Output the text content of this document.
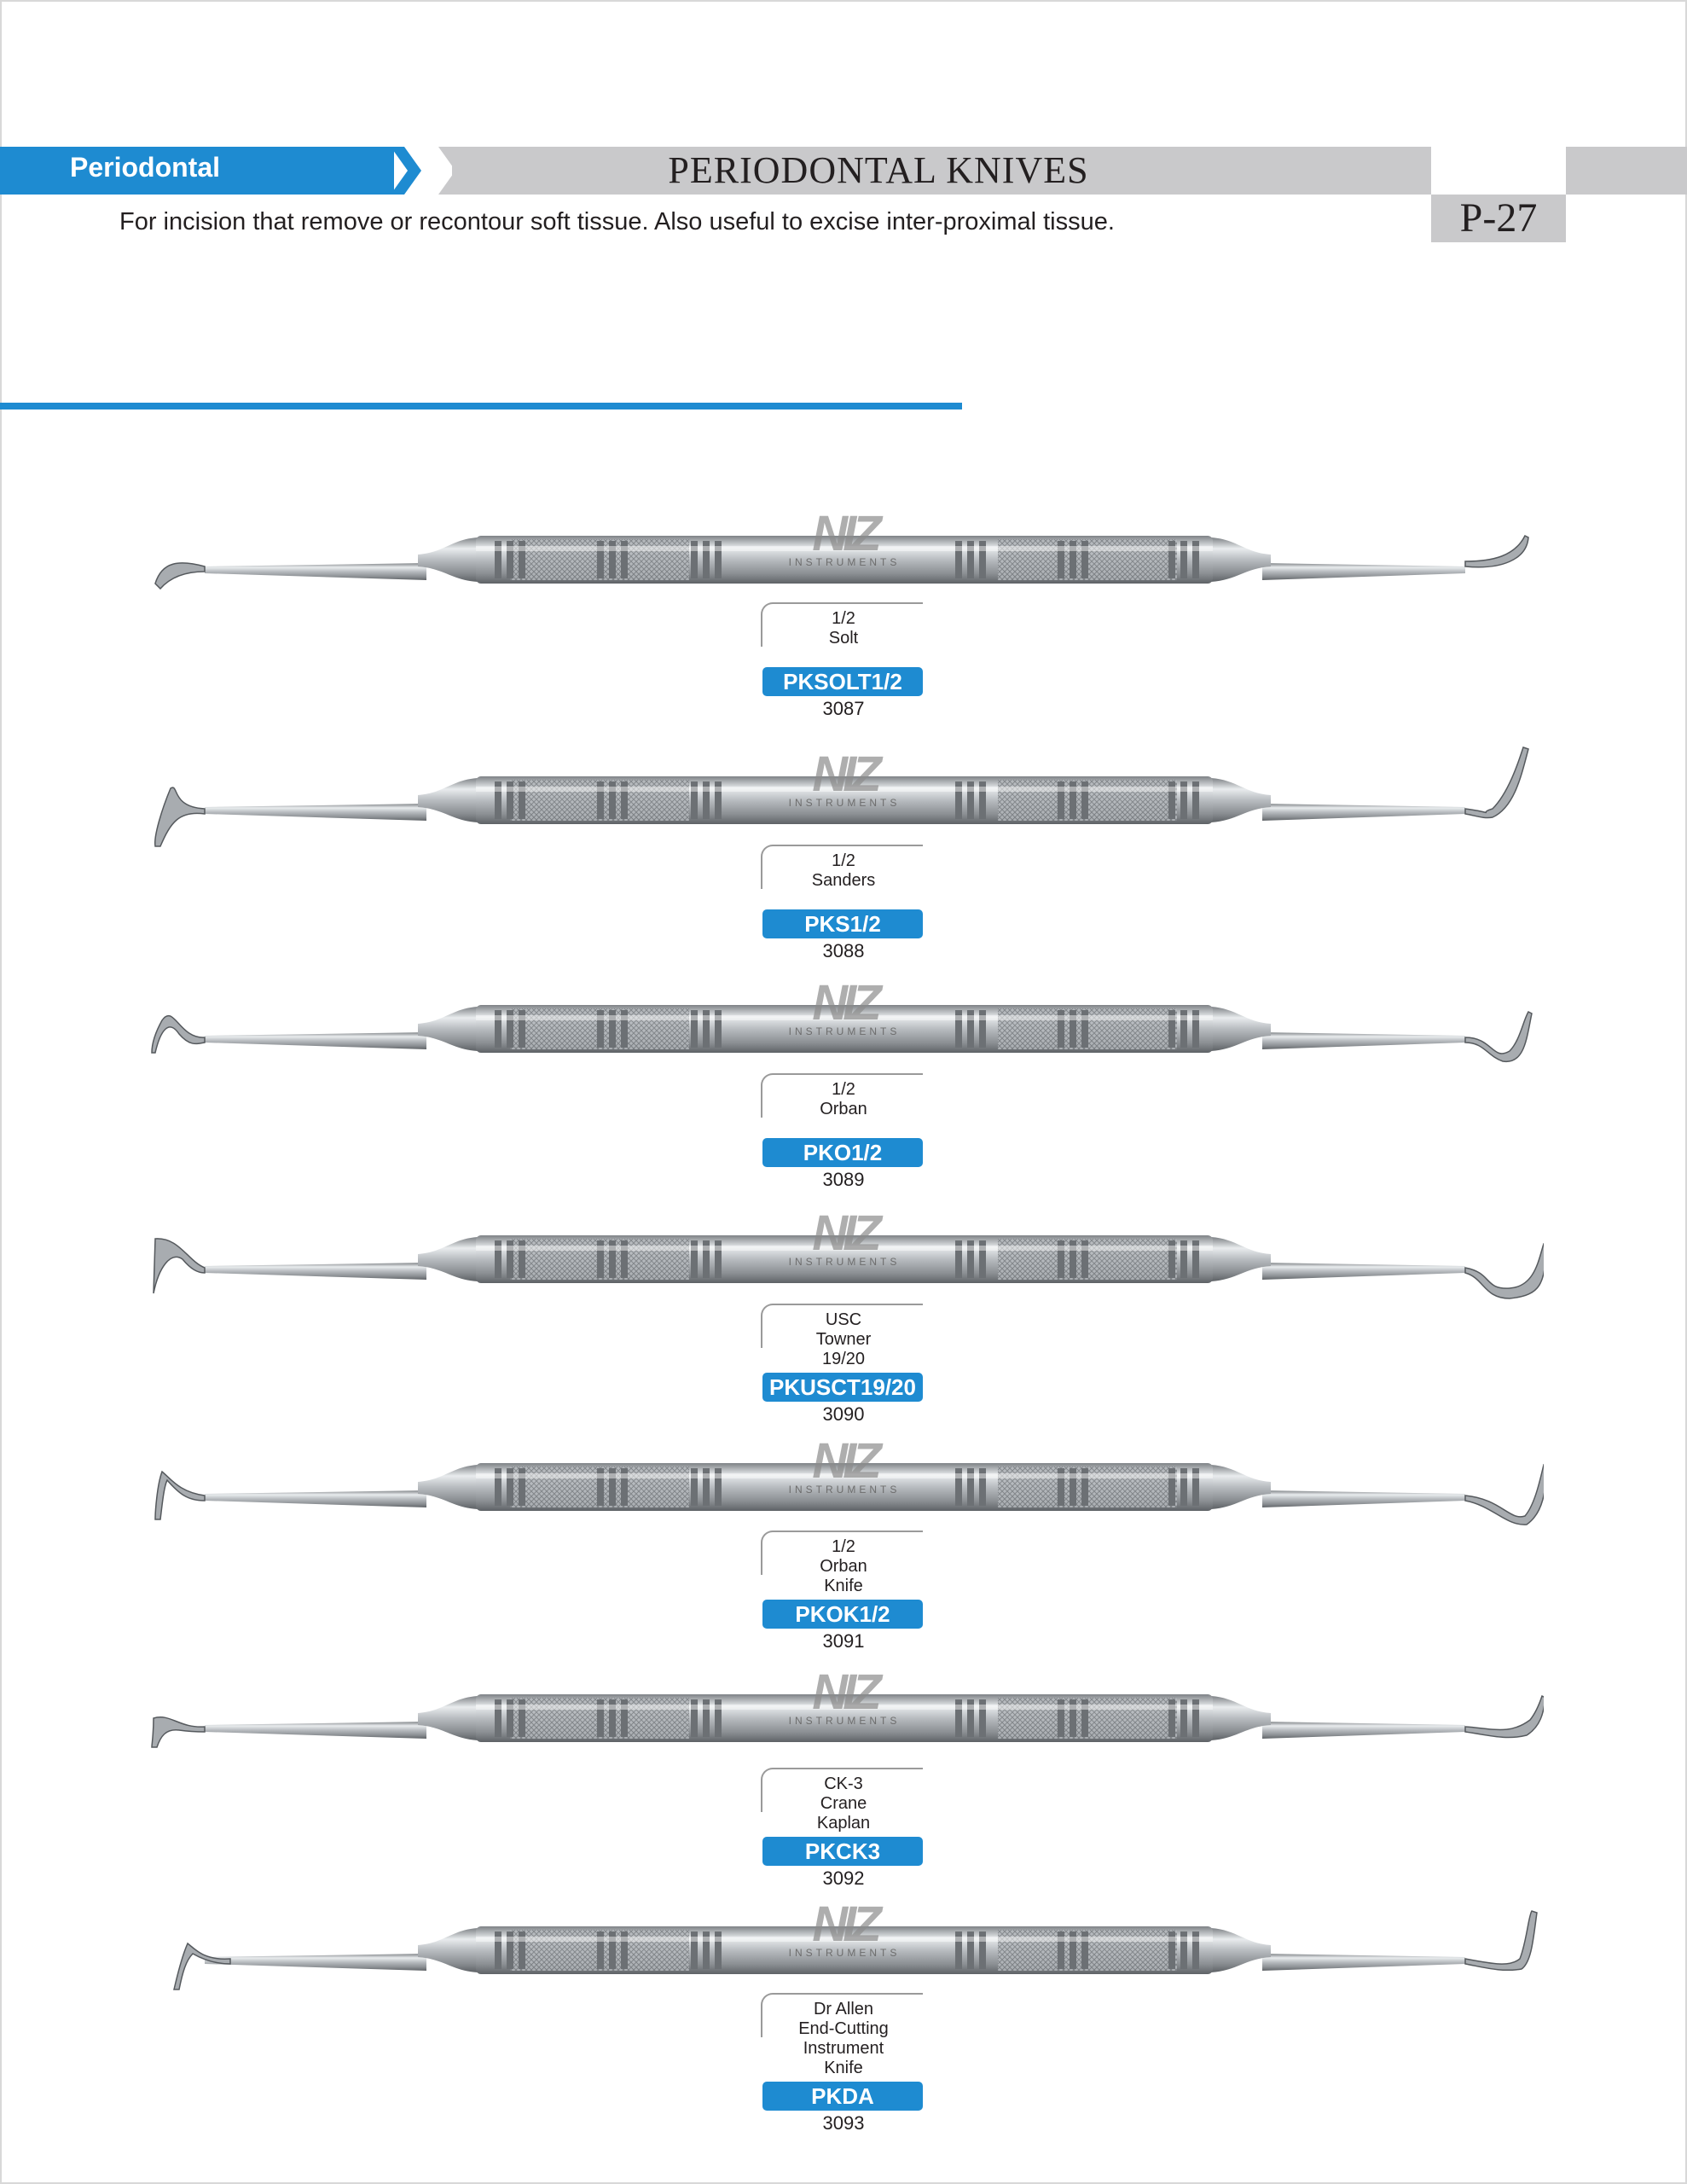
Periodontal	PERIODONTAL KNIVES
P-27
For incision that remove or recontour soft tissue. Also useful to excise inter-proximal tissue.
NIZ
INSTRUMENTS
1/2
Solt
PKSOLT1/2
3087
NIZ
INSTRUMENTS
1/2
Sanders
PKS1/2
3088
NIZ
INSTRUMENTS
1/2
Orban
PKO1/2
3089
NIZ
INSTRUMENTS
USC
Towner
19/20
PKUSCT19/20
3090
NIZ
INSTRUMENTS
1/2
Orban
Knife
PKOK1/2
3091
NIZ
INSTRUMENTS
CK-3
Crane
Kaplan
PKCK3
3092
NIZ
INSTRUMENTS
Dr Allen
End-Cutting
Instrument
Knife
PKDA
3093
